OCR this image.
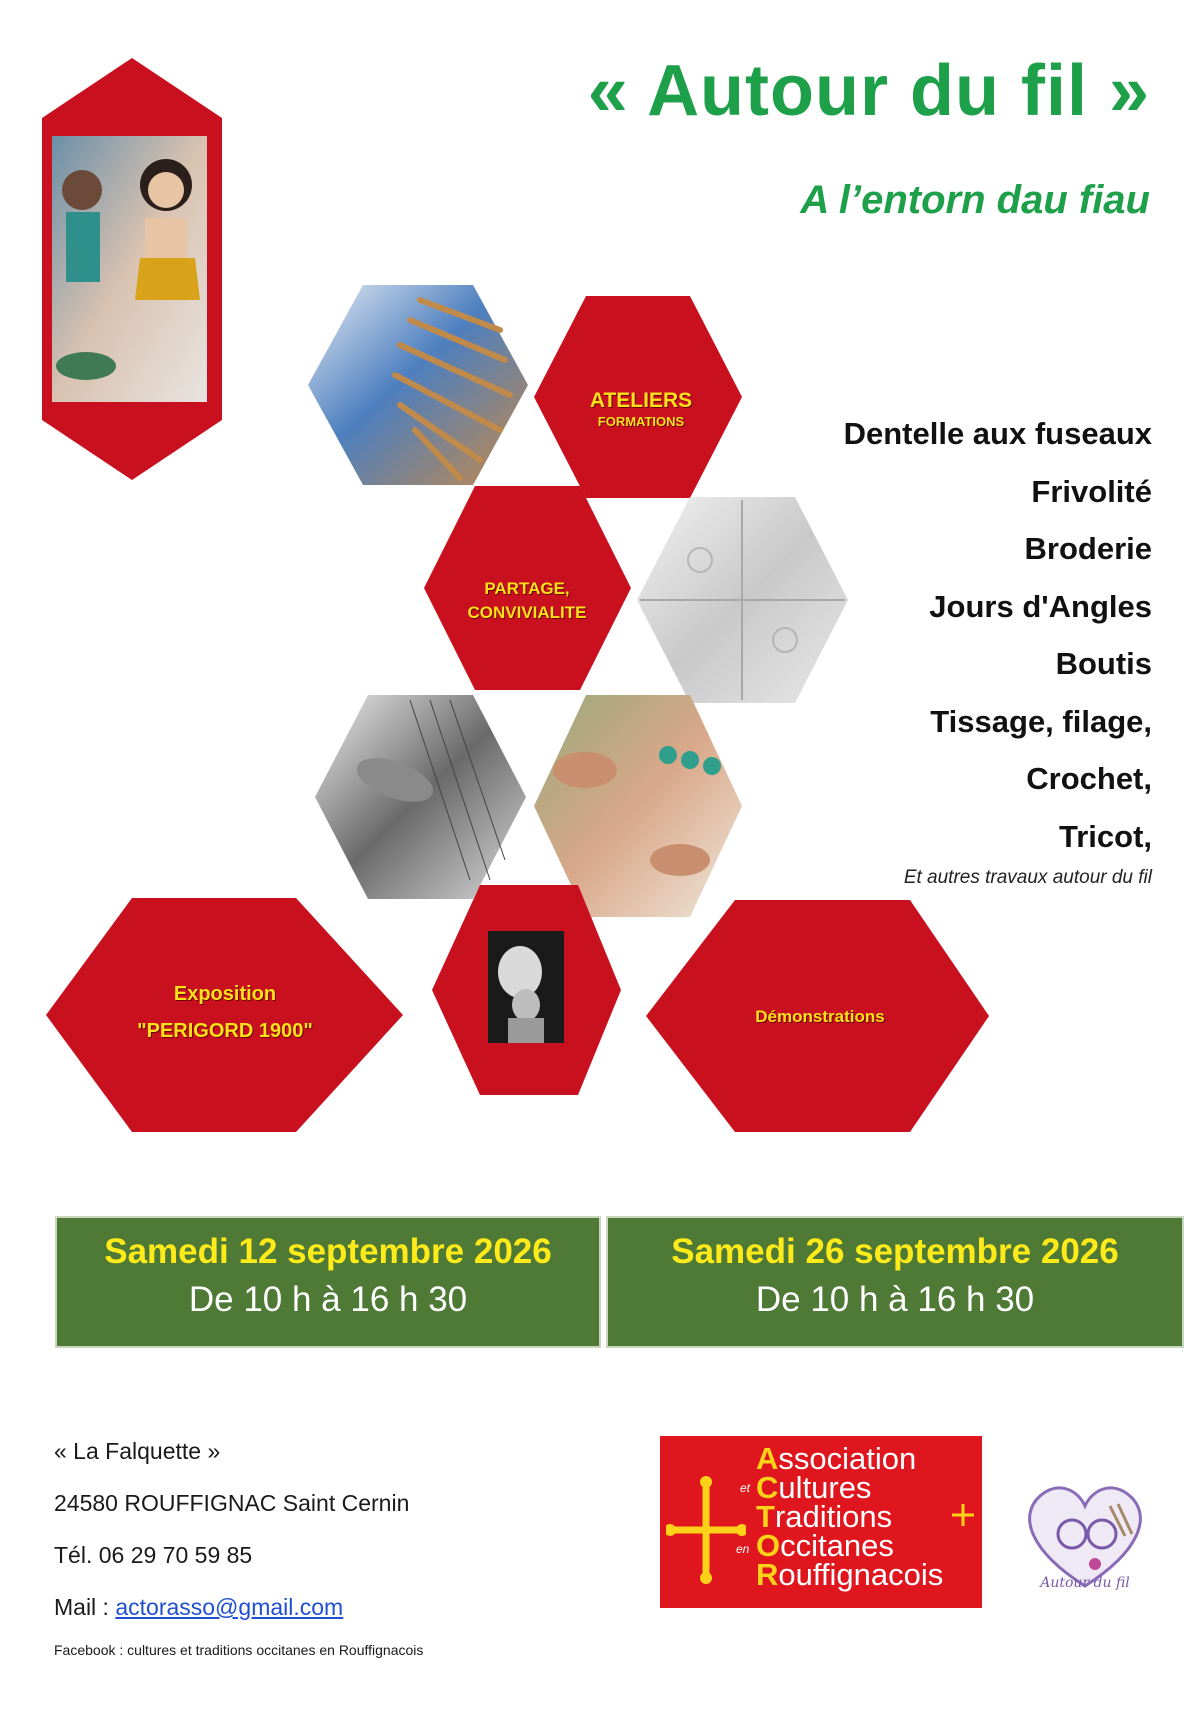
« Autour du fil »
A l’entorn dau fiau
ATELIERS
FORMATIONS
PARTAGE,
CONVIVIALITE
Exposition
"PERIGORD 1900"
Démonstrations
Dentelle aux fuseaux
Frivolité
Broderie
Jours d'Angles
Boutis
Tissage, filage,
Crochet,
Tricot,
Et autres travaux autour du fil
Samedi 12 septembre 2026
De 10 h à 16 h 30
Samedi 26 septembre 2026
De 10 h à 16 h 30
« La Falquette »
24580 ROUFFIGNAC Saint Cernin
Tél. 06 29 70 59 85
Mail : actorasso@gmail.com
Facebook : cultures et traditions occitanes en Rouffignacois
Association
Cultures
Traditions
Occitanes
Rouffignacois
et
en
Autour du fil
